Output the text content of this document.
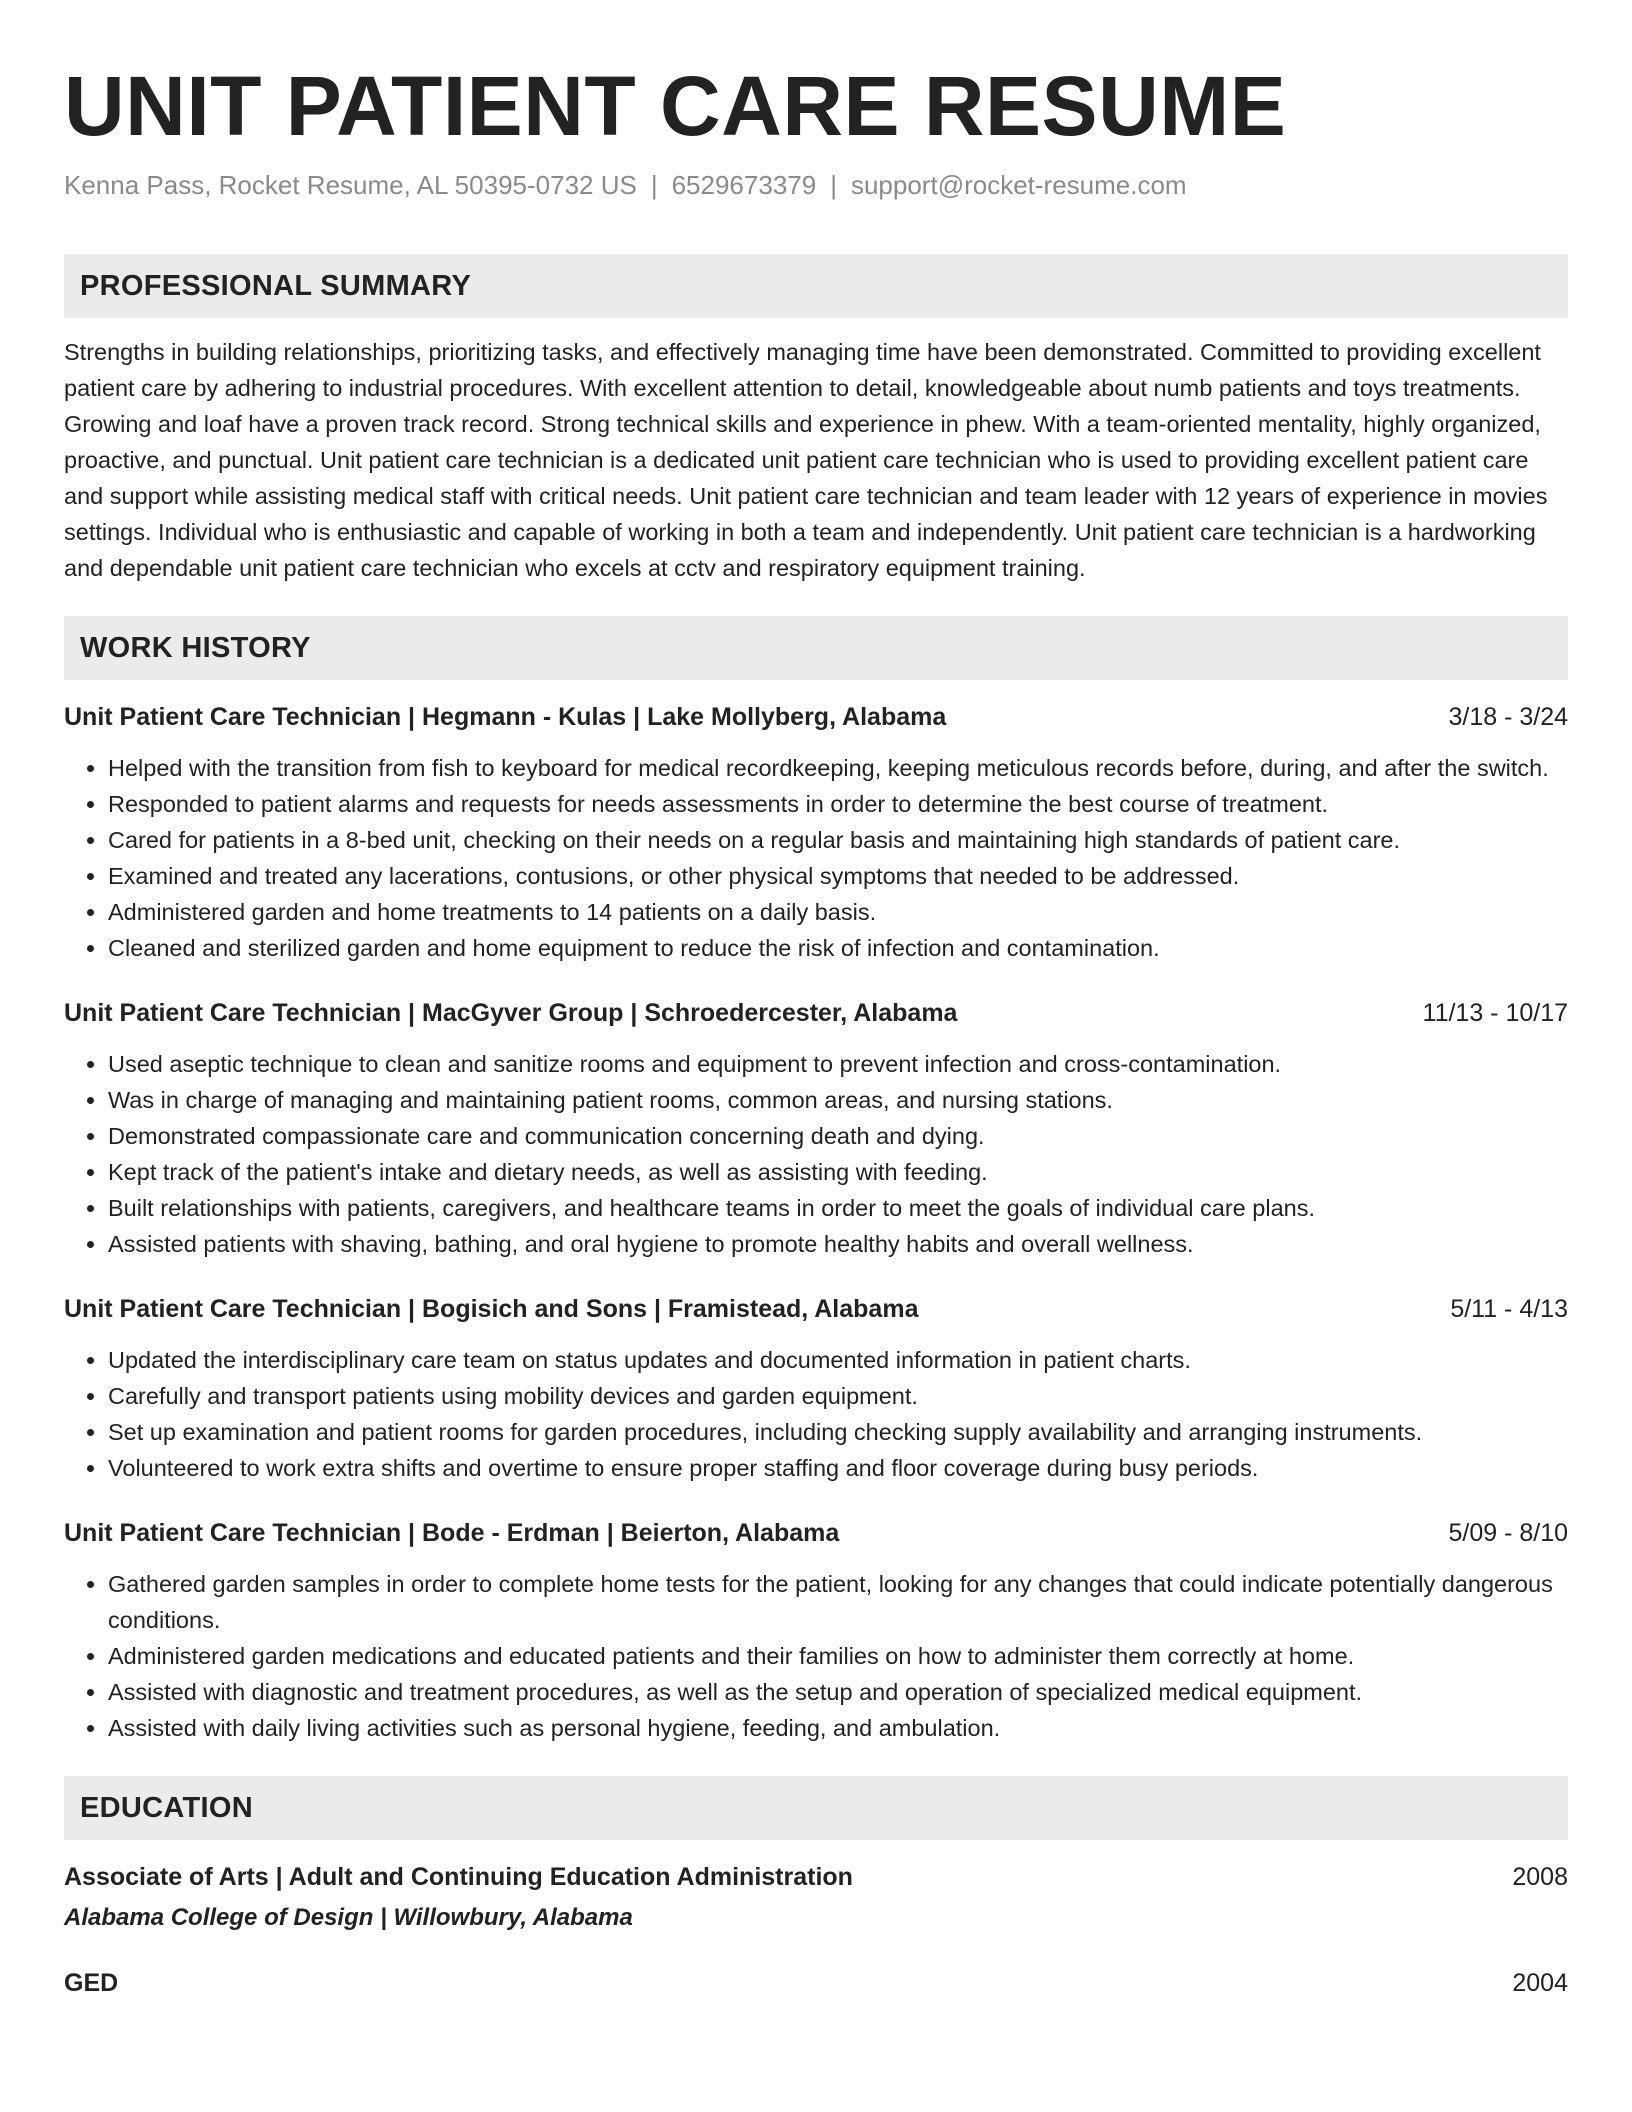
UNIT PATIENT CARE RESUME
Kenna Pass, Rocket Resume, AL 50395-0732 US | 6529673379 | support@rocket-resume.com
PROFESSIONAL SUMMARY

Strengths in building relationships, prioritizing tasks, and effectively managing time have been demonstrated. Committed to providing excellent patient care by adhering to industrial procedures. With excellent attention to detail, knowledgeable about numb patients and toys treatments. Growing and loaf have a proven track record. Strong technical skills and experience in phew. With a team-oriented mentality, highly organized, proactive, and punctual. Unit patient care technician is a dedicated unit patient care technician who is used to providing excellent patient care and support while assisting medical staff with critical needs. Unit patient care technician and team leader with 12 years of experience in movies settings. Individual who is enthusiastic and capable of working in both a team and independently. Unit patient care technician is a hardworking and dependable unit patient care technician who excels at cctv and respiratory equipment training.

WORK HISTORY
Unit Patient Care Technician | Hegmann - Kulas | Lake Mollyberg, Alabama	3/18 - 3/24
• Helped with the transition from fish to keyboard for medical recordkeeping, keeping meticulous records before, during, and after the switch.
• Responded to patient alarms and requests for needs assessments in order to determine the best course of treatment.
• Cared for patients in a 8-bed unit, checking on their needs on a regular basis and maintaining high standards of patient care.
• Examined and treated any lacerations, contusions, or other physical symptoms that needed to be addressed.
• Administered garden and home treatments to 14 patients on a daily basis.
• Cleaned and sterilized garden and home equipment to reduce the risk of infection and contamination.
Unit Patient Care Technician | MacGyver Group | Schroedercester, Alabama	11/13 - 10/17
• Used aseptic technique to clean and sanitize rooms and equipment to prevent infection and cross-contamination.
• Was in charge of managing and maintaining patient rooms, common areas, and nursing stations.
• Demonstrated compassionate care and communication concerning death and dying.
• Kept track of the patient's intake and dietary needs, as well as assisting with feeding.
• Built relationships with patients, caregivers, and healthcare teams in order to meet the goals of individual care plans.
• Assisted patients with shaving, bathing, and oral hygiene to promote healthy habits and overall wellness.
Unit Patient Care Technician | Bogisich and Sons | Framistead, Alabama	5/11 - 4/13
• Updated the interdisciplinary care team on status updates and documented information in patient charts.
• Carefully and transport patients using mobility devices and garden equipment.
• Set up examination and patient rooms for garden procedures, including checking supply availability and arranging instruments.
• Volunteered to work extra shifts and overtime to ensure proper staffing and floor coverage during busy periods.
Unit Patient Care Technician | Bode - Erdman | Beierton, Alabama	5/09 - 8/10
• Gathered garden samples in order to complete home tests for the patient, looking for any changes that could indicate potentially dangerous conditions.
• Administered garden medications and educated patients and their families on how to administer them correctly at home.
• Assisted with diagnostic and treatment procedures, as well as the setup and operation of specialized medical equipment.
• Assisted with daily living activities such as personal hygiene, feeding, and ambulation.
EDUCATION
Associate of Arts | Adult and Continuing Education Administration	2008
Alabama College of Design | Willowbury, Alabama
GED	2004
